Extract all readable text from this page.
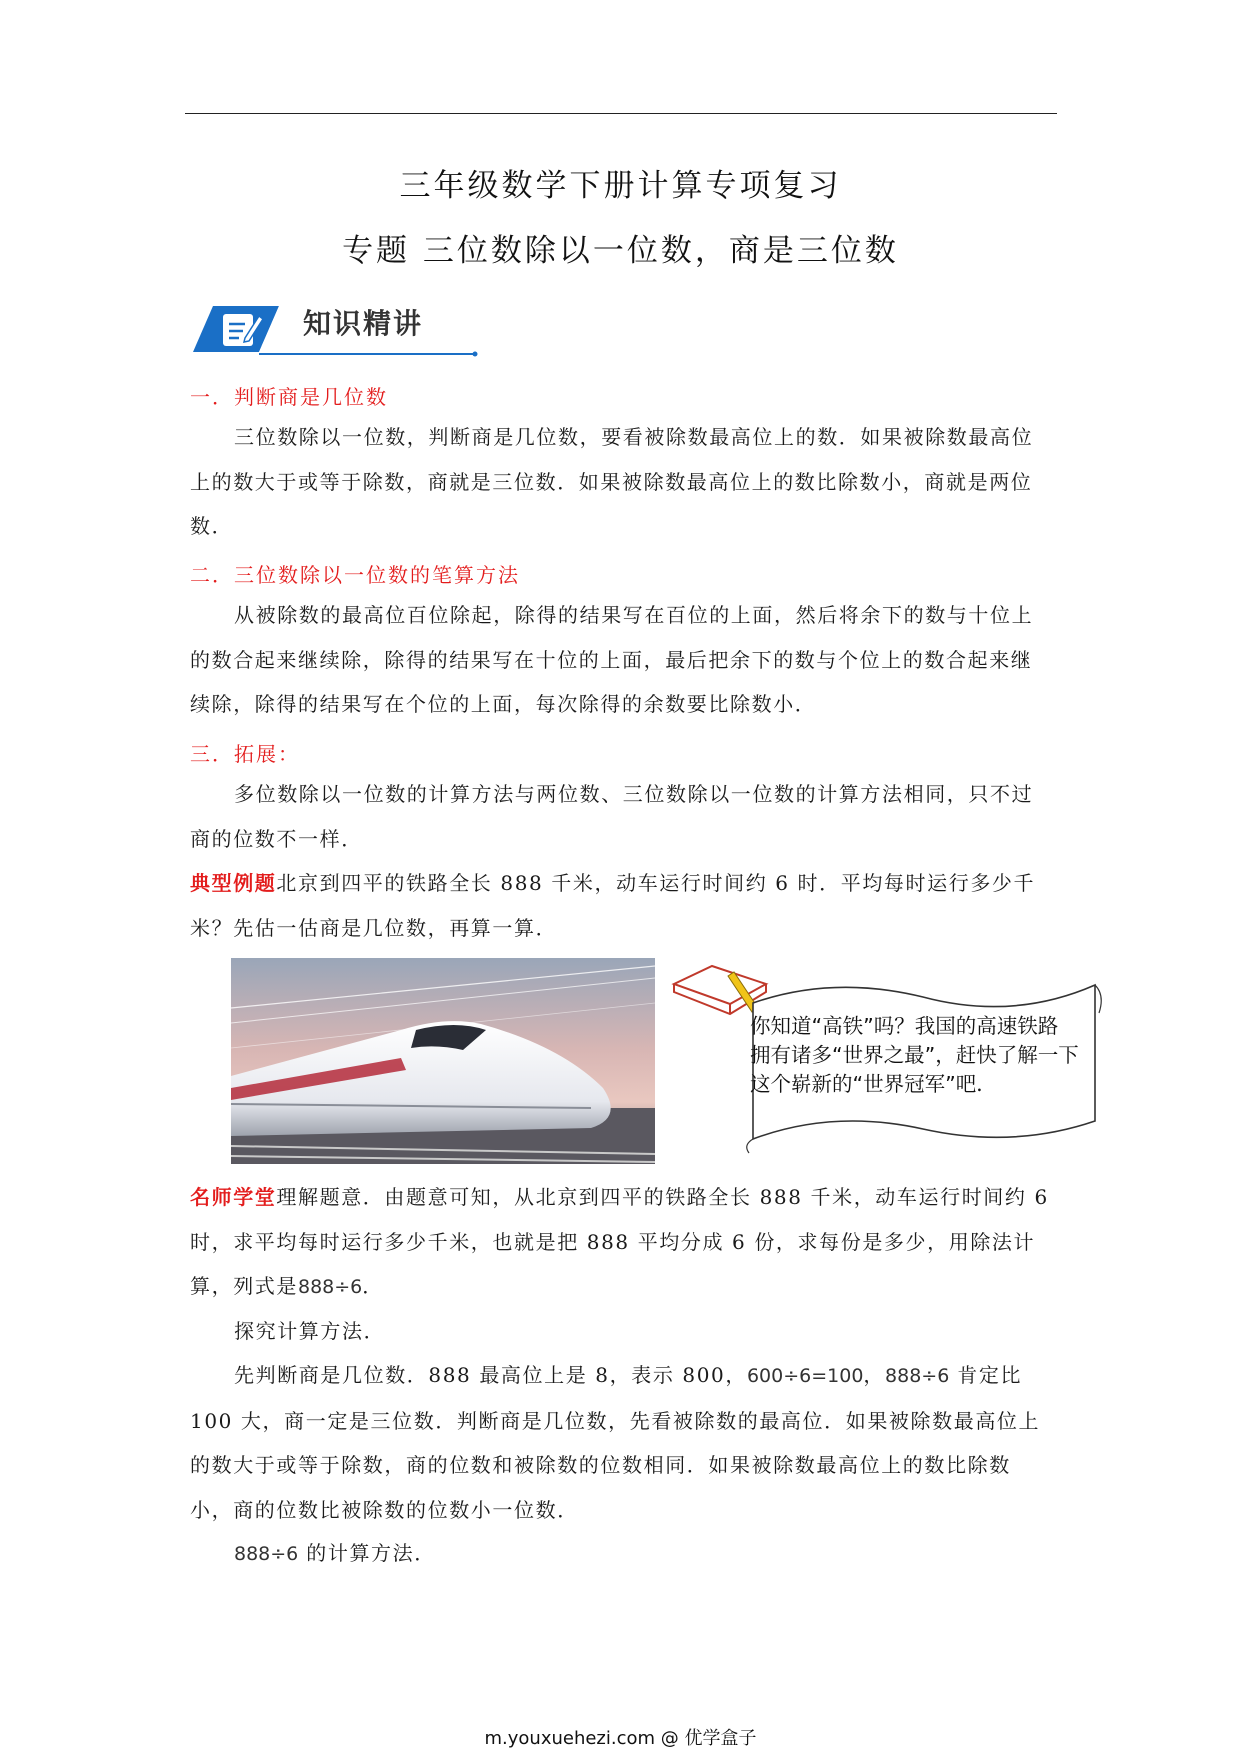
三年级数学下册计算专项复习
专题 三位数除以一位数，商是三位数
知识精讲
一．判断商是几位数
三位数除以一位数，判断商是几位数，要看被除数最高位上的数．如果被除数最高位上的数大于或等于除数，商就是三位数．如果被除数最高位上的数比除数小，商就是两位数．
二．三位数除以一位数的笔算方法
从被除数的最高位百位除起，除得的结果写在百位的上面，然后将余下的数与十位上的数合起来继续除，除得的结果写在十位的上面，最后把余下的数与个位上的数合起来继续除，除得的结果写在个位的上面，每次除得的余数要比除数小．
三．拓展：
多位数除以一位数的计算方法与两位数、三位数除以一位数的计算方法相同，只不过商的位数不一样．
典型例题北京到四平的铁路全长 888 千米，动车运行时间约 6 时．平均每时运行多少千米？先估一估商是几位数，再算一算．
你知道“高铁”吗？我国的高速铁路
拥有诸多“世界之最”，赶快了解一下
这个崭新的“世界冠军”吧．
名师学堂理解题意．由题意可知，从北京到四平的铁路全长 888 千米，动车运行时间约 6 时，求平均每时运行多少千米，也就是把 888 平均分成 6 份，求每份是多少，用除法计算，列式是888÷6．
探究计算方法．
先判断商是几位数．888 最高位上是 8，表示 800，600÷6=100，888÷6 肯定比 100 大，商一定是三位数．判断商是几位数，先看被除数的最高位．如果被除数最高位上的数大于或等于除数，商的位数和被除数的位数相同．如果被除数最高位上的数比除数小，商的位数比被除数的位数小一位数．
888÷6 的计算方法．
m.youxuehezi.com @ 优学盒子
